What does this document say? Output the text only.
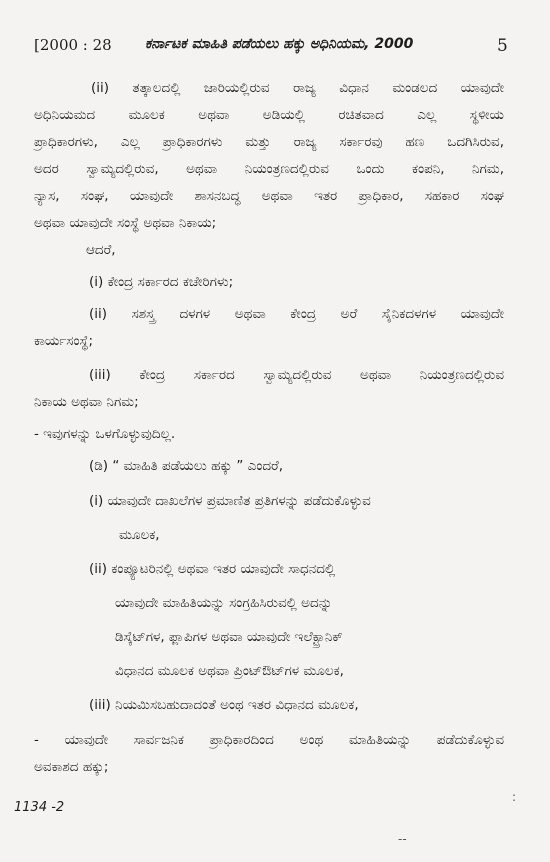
[2000 : 28 ಕರ್ನಾಟಕ ಮಾಹಿತಿ ಪಡೆಯಲು ಹಕ್ಕು ಅಧಿನಿಯಮ, 2000	5
(ii) ತತ್ಕಾಲದಲ್ಲಿ ಜಾರಿಯಲ್ಲಿರುವ ರಾಜ್ಯ ವಿಧಾನ ಮಂಡಲದ ಯಾವುದೇ
ಅಧಿನಿಯಮದ ಮೂಲಕ ಅಥವಾ ಅಡಿಯಲ್ಲಿ ರಚಿತವಾದ ಎಲ್ಲ ಸ್ಥಳೀಯ
ಪ್ರಾಧಿಕಾರಗಳು, ಎಲ್ಲ ಪ್ರಾಧಿಕಾರಗಳು ಮತ್ತು ರಾಜ್ಯ ಸರ್ಕಾರವು ಹಣ ಒದಗಿಸಿರುವ,
ಅದರ ಸ್ವಾಮ್ಯದಲ್ಲಿರುವ, ಅಥವಾ ನಿಯಂತ್ರಣದಲ್ಲಿರುವ ಒಂದು ಕಂಪನಿ, ನಿಗಮ,
ನ್ಯಾಸ, ಸಂಘ, ಯಾವುದೇ ಶಾಸನಬದ್ಧ ಅಥವಾ ಇತರ ಪ್ರಾಧಿಕಾರ, ಸಹಕಾರ ಸಂಘ
ಅಥವಾ ಯಾವುದೇ ಸಂಸ್ಥೆ ಅಥವಾ ನಿಕಾಯ;
ಆದರೆ,
(i) ಕೇಂದ್ರ ಸರ್ಕಾರದ ಕಚೇರಿಗಳು;
(ii) ಸಶಸ್ತ್ರ ದಳಗಳ ಅಥವಾ ಕೇಂದ್ರ ಅರೆ ಸೈನಿಕದಳಗಳ ಯಾವುದೇ
ಕಾರ್ಯಸಂಸ್ಥೆ;
(iii) ಕೇಂದ್ರ ಸರ್ಕಾರದ ಸ್ವಾಮ್ಯದಲ್ಲಿರುವ ಅಥವಾ ನಿಯಂತ್ರಣದಲ್ಲಿರುವ
ನಿಕಾಯ ಅಥವಾ ನಿಗಮ;
- ಇವುಗಳನ್ನು ಒಳಗೊಳ್ಳುವುದಿಲ್ಲ.
(ಡಿ) “ ಮಾಹಿತಿ ಪಡೆಯಲು ಹಕ್ಕು ” ಎಂದರೆ,
(i) ಯಾವುದೇ ದಾಖಲೆಗಳ ಪ್ರಮಾಣಿತ ಪ್ರತಿಗಳನ್ನು ಪಡೆದುಕೊಳ್ಳುವ
ಮೂಲಕ,
(ii) ಕಂಪ್ಯೂಟರಿನಲ್ಲಿ ಅಥವಾ ಇತರ ಯಾವುದೇ ಸಾಧನದಲ್ಲಿ
ಯಾವುದೇ ಮಾಹಿತಿಯನ್ನು ಸಂಗ್ರಹಿಸಿರುವಲ್ಲಿ ಅದನ್ನು
ಡಿಸ್ಕೆಟ್‌ಗಳ, ಫ್ಲಾಪಿಗಳ ಅಥವಾ ಯಾವುದೇ ಇಲೆಕ್ಟ್ರಾನಿಕ್
ವಿಧಾನದ ಮೂಲಕ ಅಥವಾ ಪ್ರಿಂಟ್‌ಔಟ್‌ಗಳ ಮೂಲಕ,
(iii) ನಿಯಮಿಸಬಹುದಾದಂತೆ ಅಂಥ ಇತರ ವಿಧಾನದ ಮೂಲಕ,
- ಯಾವುದೇ ಸಾರ್ವಜನಿಕ ಪ್ರಾಧಿಕಾರದಿಂದ ಅಂಥ ಮಾಹಿತಿಯನ್ನು ಪಡೆದುಕೊಳ್ಳುವ
ಅವಕಾಶದ ಹಕ್ಕು;
1134 -2
:
--
